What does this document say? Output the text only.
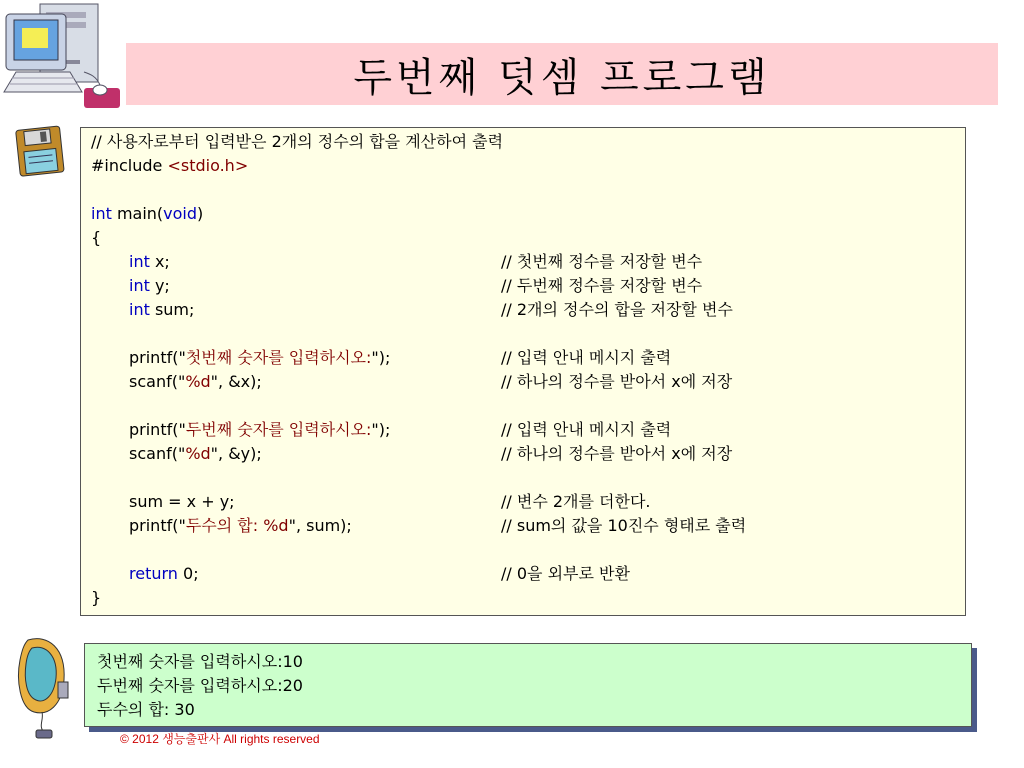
두번째 덧셈 프로그램
// 사용자로부터 입력받은 2개의 정수의 합을 계산하여 출력
#include <stdio.h>
int main(void)
{
int x;	// 첫번째 정수를 저장할 변수
int y;	// 두번째 정수를 저장할 변수
int sum;	// 2개의 정수의 합을 저장할 변수
printf("첫번째 숫자를 입력하시오:");	// 입력 안내 메시지 출력
scanf("%d", &x);	// 하나의 정수를 받아서 x에 저장
printf("두번째 숫자를 입력하시오:");	// 입력 안내 메시지 출력
scanf("%d", &y);	// 하나의 정수를 받아서 x에 저장
sum = x + y;	// 변수 2개를 더한다.
printf("두수의 합: %d", sum);	// sum의 값을 10진수 형태로 출력
return 0;	// 0을 외부로 반환
}
첫번째 숫자를 입력하시오:10
두번째 숫자를 입력하시오:20
두수의 합: 30
© 2012 생능출판사 All rights reserved
